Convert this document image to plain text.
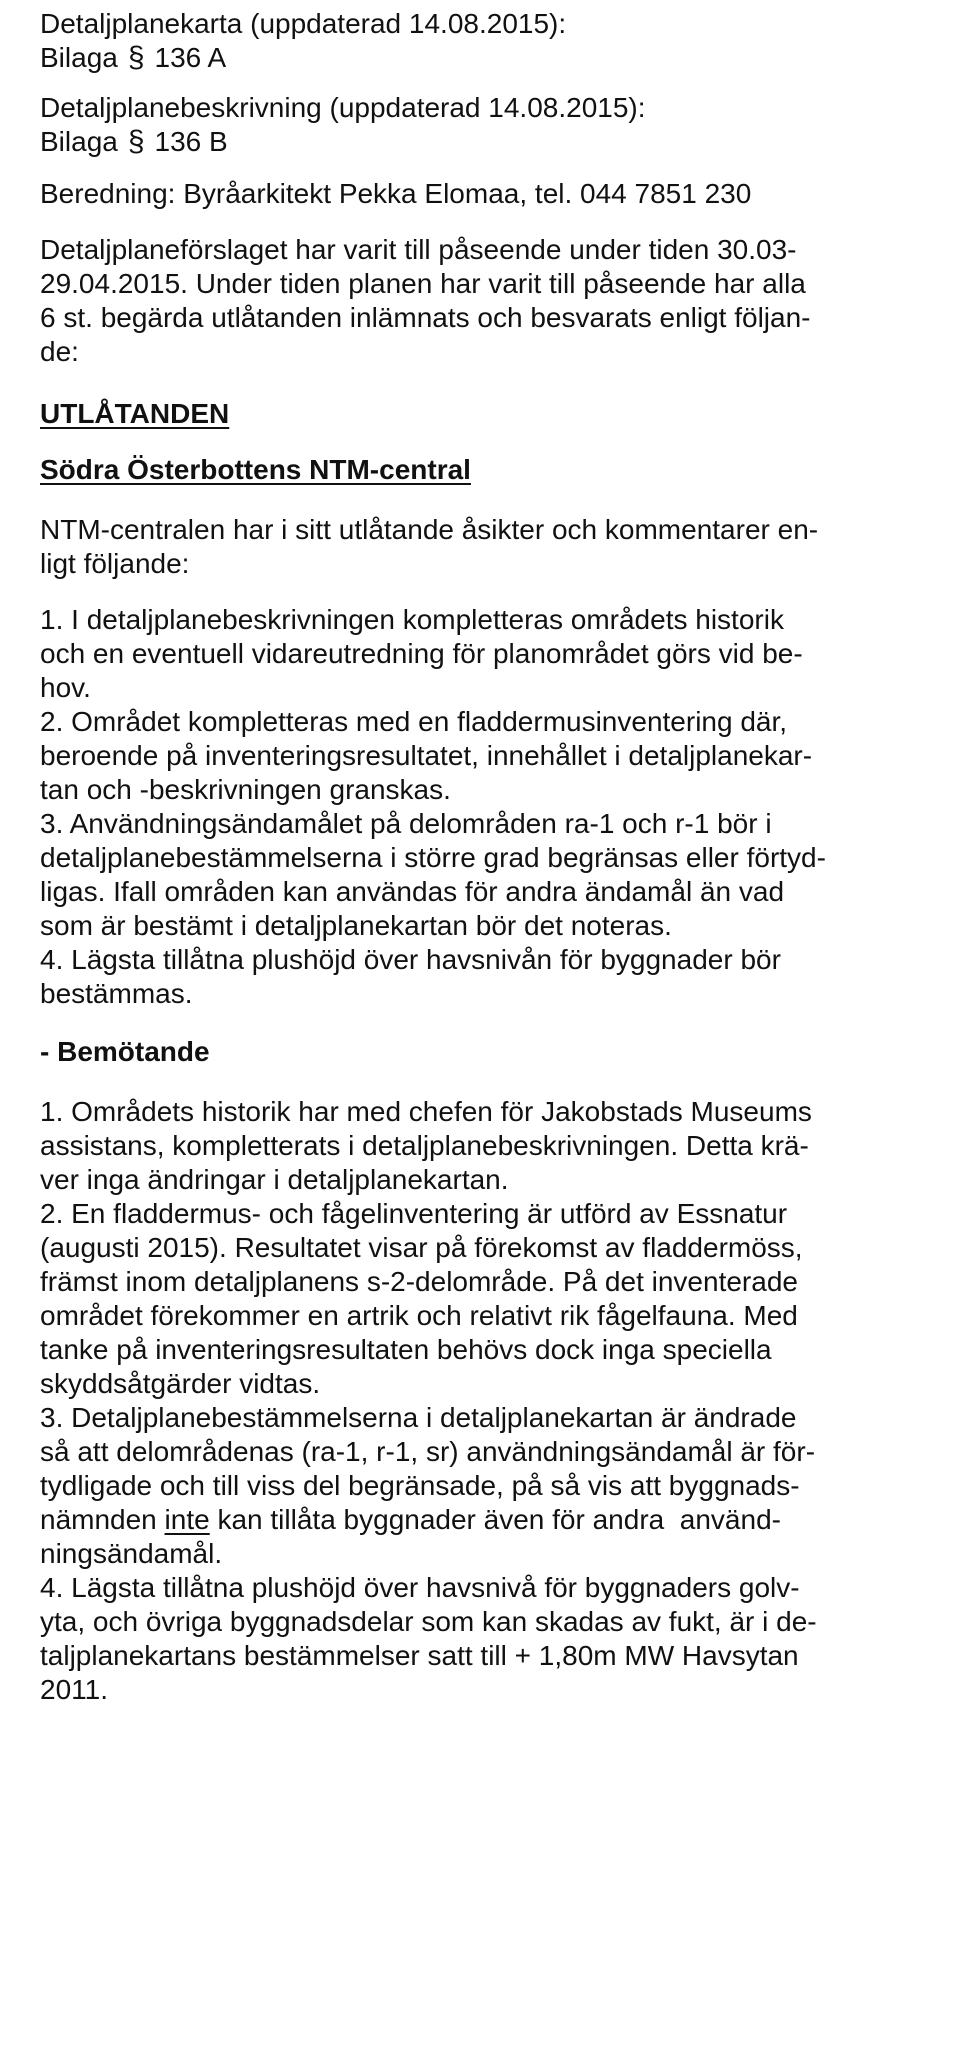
Detaljplanekarta (uppdaterad 14.08.2015):

Bilaga § 136 A

Detaljplanebeskrivning (uppdaterad 14.08.2015):

Bilaga § 136 B

Beredning: Byråarkitekt Pekka Elomaa, tel. 044 7851 230

Detaljplaneförslaget har varit till påseende under tiden 30.03-

29.04.2015. Under tiden planen har varit till påseende har alla

6 st. begärda utlåtanden inlämnats och besvarats enligt följan-

de:

UTLÅTANDEN

Södra Österbottens NTM-central

NTM-centralen har i sitt utlåtande åsikter och kommentarer en-

ligt följande:

1. I detaljplanebeskrivningen kompletteras områdets historik

och en eventuell vidareutredning för planområdet görs vid be-

hov.

2. Området kompletteras med en fladdermusinventering där,

beroende på inventeringsresultatet, innehållet i detaljplanekar-

tan och -beskrivningen granskas.

3. Användningsändamålet på delområden ra-1 och r-1 bör i

detaljplanebestämmelserna i större grad begränsas eller förtyd-

ligas. Ifall områden kan användas för andra ändamål än vad

som är bestämt i detaljplanekartan bör det noteras.

4. Lägsta tillåtna plushöjd över havsnivån för byggnader bör

bestämmas.

- Bemötande

1. Områdets historik har med chefen för Jakobstads Museums

assistans, kompletterats i detaljplanebeskrivningen. Detta krä-

ver inga ändringar i detaljplanekartan.

2. En fladdermus- och fågelinventering är utförd av Essnatur

(augusti 2015). Resultatet visar på förekomst av fladdermöss,

främst inom detaljplanens s-2-delområde. På det inventerade

området förekommer en artrik och relativt rik fågelfauna. Med

tanke på inventeringsresultaten behövs dock inga speciella

skyddsåtgärder vidtas.

3. Detaljplanebestämmelserna i detaljplanekartan är ändrade

så att delområdenas (ra-1, r-1, sr) användningsändamål är för-

tydligade och till viss del begränsade, på så vis att byggnads-

nämnden inte kan tillåta byggnader även för andra  använd-

ningsändamål.

4. Lägsta tillåtna plushöjd över havsnivå för byggnaders golv-

yta, och övriga byggnadsdelar som kan skadas av fukt, är i de-

taljplanekartans bestämmelser satt till + 1,80m MW Havsytan

2011.
